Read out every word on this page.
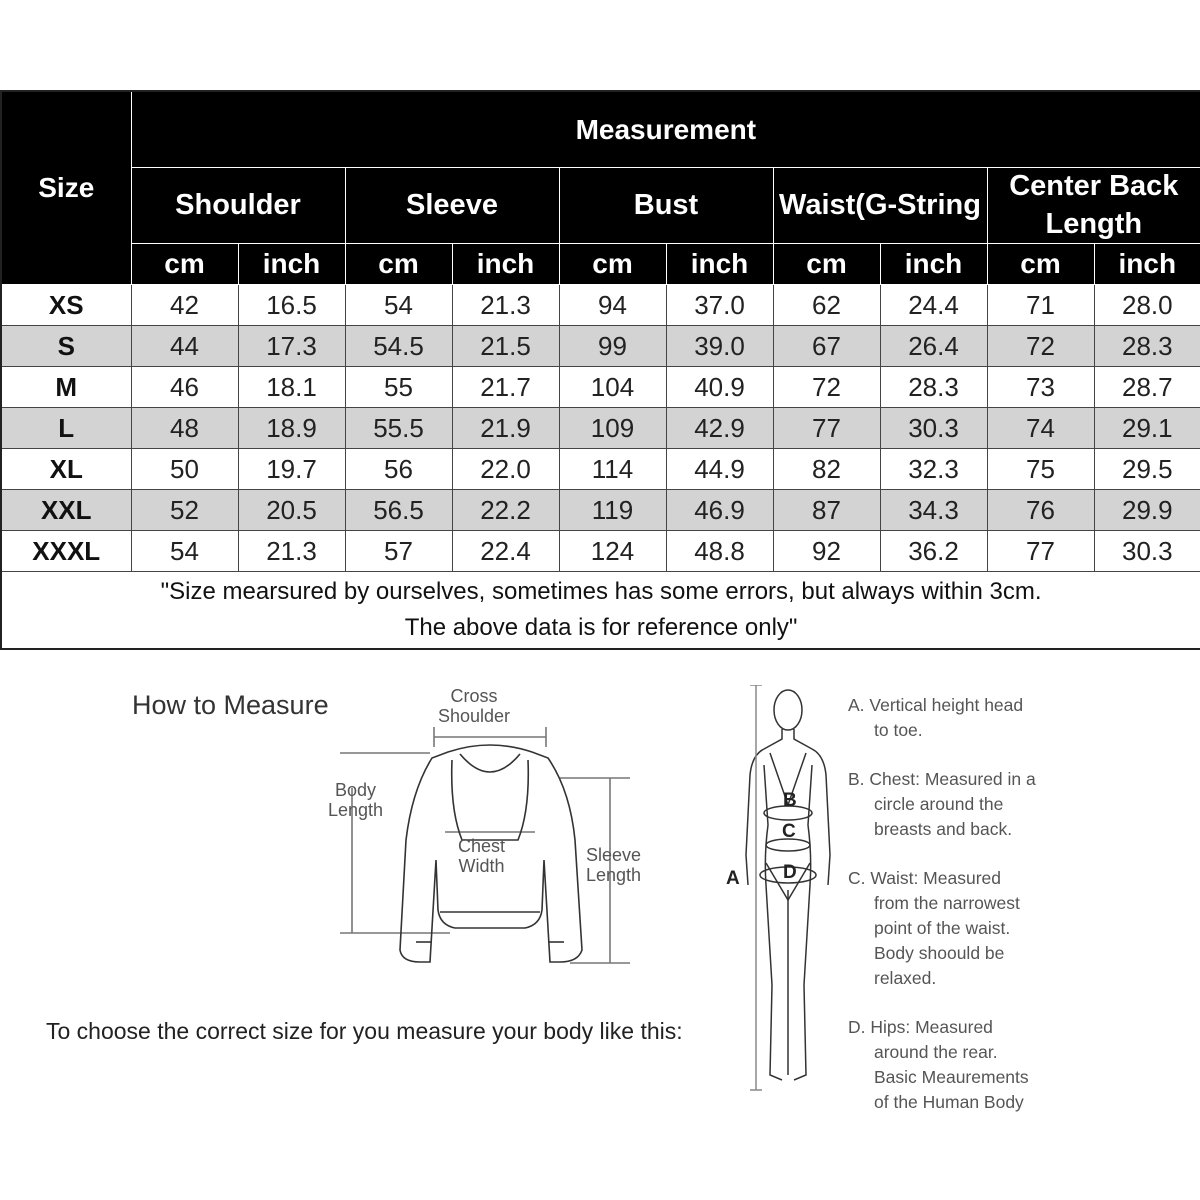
Size	Measurement									
	Shoulder		Sleeve		Bust		Waist(G-String		Center Back Length	
	cm	inch	cm	inch	cm	inch	cm	inch	cm	inch
XS	42	16.5	54	21.3	94	37.0	62	24.4	71	28.0
S	44	17.3	54.5	21.5	99	39.0	67	26.4	72	28.3
M	46	18.1	55	21.7	104	40.9	72	28.3	73	28.7
L	48	18.9	55.5	21.9	109	42.9	77	30.3	74	29.1
XL	50	19.7	56	22.0	114	44.9	82	32.3	75	29.5
XXL	52	20.5	56.5	22.2	119	46.9	87	34.3	76	29.9
XXXL	54	21.3	57	22.4	124	48.8	92	36.2	77	30.3

"Size mearsured by ourselves, sometimes has some errors, but always within 3cm.
The above data is for reference only"										
How to Measure
To choose the correct size for you measure your body like this:
Cross
Shoulder
Body
Length
Chest
Width
Sleeve
Length	A
B
C
D
A. Vertical height head
to toe.
B. Chest: Measured in a
circle around the
breasts and back.
C. Waist: Measured
from the narrowest
point of the waist.
Body shoould be
relaxed.
D. Hips: Measured
around the rear.
Basic Meaurements
of the Human Body
